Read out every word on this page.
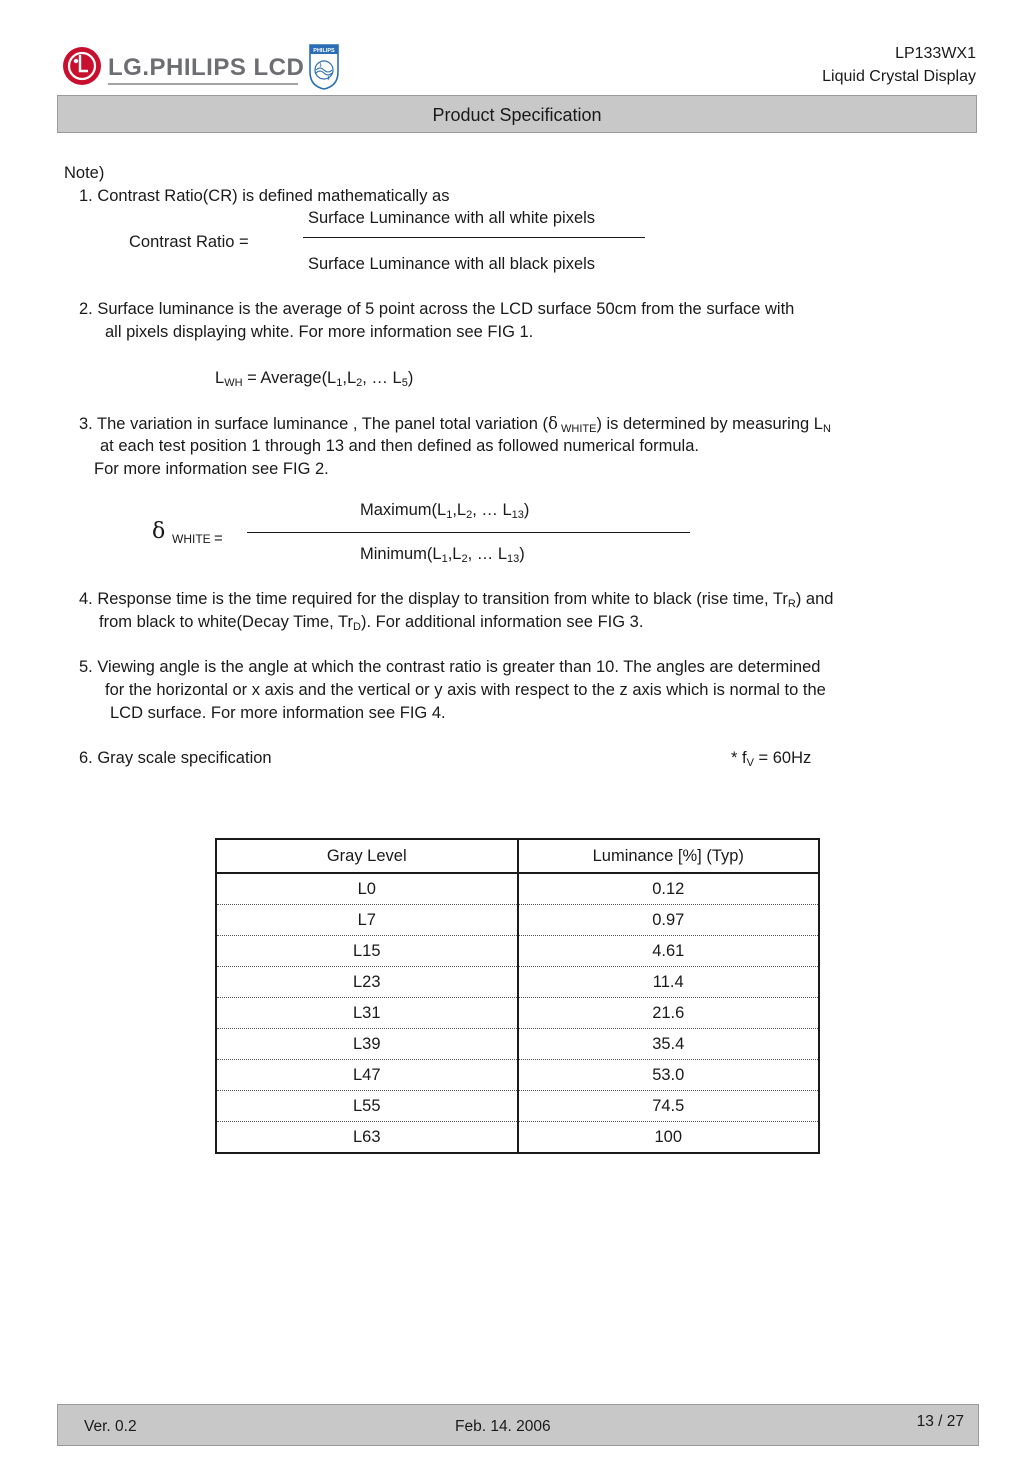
LG.PHILIPS LCD
PHILIPS	LP133WX1
Liquid Crystal Display
Product Specification
Note)
1. Contrast Ratio(CR) is defined mathematically as
Surface Luminance with all white pixels
Contrast Ratio =
Surface Luminance with all black pixels
2. Surface luminance is the average of 5 point across the LCD surface 50cm from the surface with
all pixels displaying white. For more information see FIG 1.
$L_{WH}$ = $Average(L_1,L_2$, … $L_5$)
3. The variation in surface luminance , The panel total variation (δ $_{WHITE}$) is determined by measuring $L_N$
at each test position 1 through 13 and then defined as followed numerical formula.
For more information see FIG 2.
$Maximum(L_1,L_2$, … $L_{13}$)
δ WHITE =
$Minimum(L_1,L_2$, … $L_{13}$)
4. Response time is the time required for the display to transition from white to black (rise time, $Tr_R$) and
from black to white(Decay Time, $Tr_D$). For additional information see FIG 3.
5. Viewing angle is the angle at which the contrast ratio is greater than 10. The angles are determined
for the horizontal or x axis and the vertical or y axis with respect to the z axis which is normal to the
LCD surface. For more information see FIG 4.
6. Gray scale specification	* $f_V = 60Hz$
Gray Level	Luminance [%] (Typ)
L0	0.12
L7	0.97
L15	4.61
L23	11.4
L31	21.6
L39	35.4
L47	53.0
L55	74.5
L63	100
Ver. 0.2	Feb. 14. 2006	13 / 27
